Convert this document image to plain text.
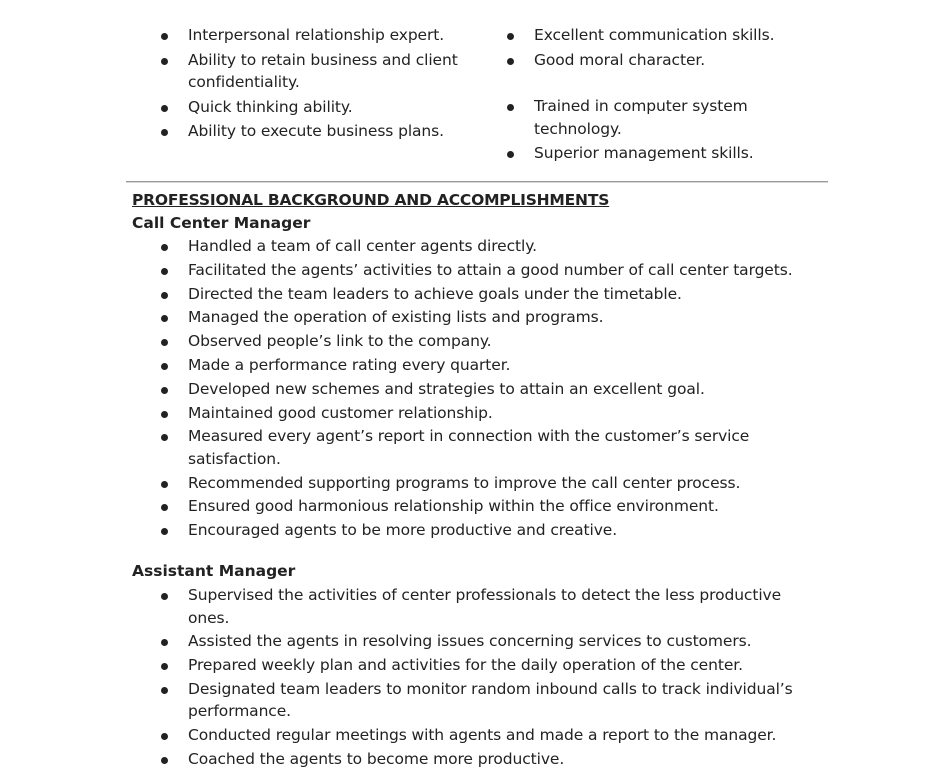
Interpersonal relationship expert.
Ability to retain business and client confidentiality.
Quick thinking ability.
Ability to execute business plans.
Excellent communication skills.
Good moral character.
Trained in computer system technology.
Superior management skills.
PROFESSIONAL BACKGROUND AND ACCOMPLISHMENTS
Call Center Manager
Handled a team of call center agents directly.
Facilitated the agents’ activities to attain a good number of call center targets.
Directed the team leaders to achieve goals under the timetable.
Managed the operation of existing lists and programs.
Observed people’s link to the company.
Made a performance rating every quarter.
Developed new schemes and strategies to attain an excellent goal.
Maintained good customer relationship.
Measured every agent’s report in connection with the customer’s service satisfaction.
Recommended supporting programs to improve the call center process.
Ensured good harmonious relationship within the office environment.
Encouraged agents to be more productive and creative.
Assistant Manager
Supervised the activities of center professionals to detect the less productive ones.
Assisted the agents in resolving issues concerning services to customers.
Prepared weekly plan and activities for the daily operation of the center.
Designated team leaders to monitor random inbound calls to track individual’s performance.
Conducted regular meetings with agents and made a report to the manager.
Coached the agents to become more productive.
